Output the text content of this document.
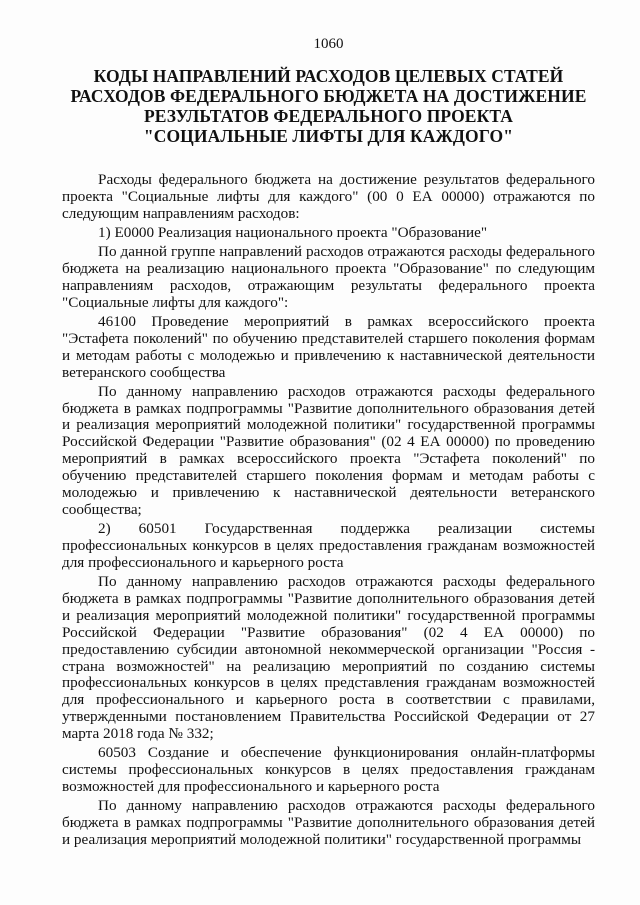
1060
КОДЫ НАПРАВЛЕНИЙ РАСХОДОВ ЦЕЛЕВЫХ СТАТЕЙ
РАСХОДОВ ФЕДЕРАЛЬНОГО БЮДЖЕТА НА ДОСТИЖЕНИЕ
РЕЗУЛЬТАТОВ ФЕДЕРАЛЬНОГО ПРОЕКТА
"СОЦИАЛЬНЫЕ ЛИФТЫ ДЛЯ КАЖДОГО"

Расходы федерального бюджета на достижение результатов федерального проекта "Социальные лифты для каждого" (00 0 ЕА 00000) отражаются по следующим направлениям расходов:

1) Е0000 Реализация национального проекта "Образование"

По данной группе направлений расходов отражаются расходы федерального бюджета на реализацию национального проекта "Образование" по следующим направлениям расходов, отражающим результаты федерального проекта "Социальные лифты для каждого":

46100 Проведение мероприятий в рамках всероссийского проекта "Эстафета поколений" по обучению представителей старшего поколения формам и методам работы с молодежью и привлечению к наставнической деятельности ветеранского сообщества

По данному направлению расходов отражаются расходы федерального бюджета в рамках подпрограммы "Развитие дополнительного образования детей и реализация мероприятий молодежной политики" государственной программы Российской Федерации "Развитие образования" (02 4 ЕА 00000) по проведению мероприятий в рамках всероссийского проекта "Эстафета поколений" по обучению представителей старшего поколения формам и методам работы с молодежью и привлечению к наставнической деятельности ветеранского сообщества;

2) 60501 Государственная поддержка реализации системы профессиональных конкурсов в целях предоставления гражданам возможностей для профессионального и карьерного роста

По данному направлению расходов отражаются расходы федерального бюджета в рамках подпрограммы "Развитие дополнительного образования детей и реализация мероприятий молодежной политики" государственной программы Российской Федерации "Развитие образования" (02 4 ЕА 00000) по предоставлению субсидии автономной некоммерческой организации "Россия - страна возможностей" на реализацию мероприятий по созданию системы профессиональных конкурсов в целях представления гражданам возможностей для профессионального и карьерного роста в соответствии с правилами, утвержденными постановлением Правительства Российской Федерации от 27 марта 2018 года № 332;

60503 Создание и обеспечение функционирования онлайн-платформы системы профессиональных конкурсов в целях предоставления гражданам возможностей для профессионального и карьерного роста

По данному направлению расходов отражаются расходы федерального бюджета в рамках подпрограммы "Развитие дополнительного образования детей и реализация мероприятий молодежной политики" государственной программы
